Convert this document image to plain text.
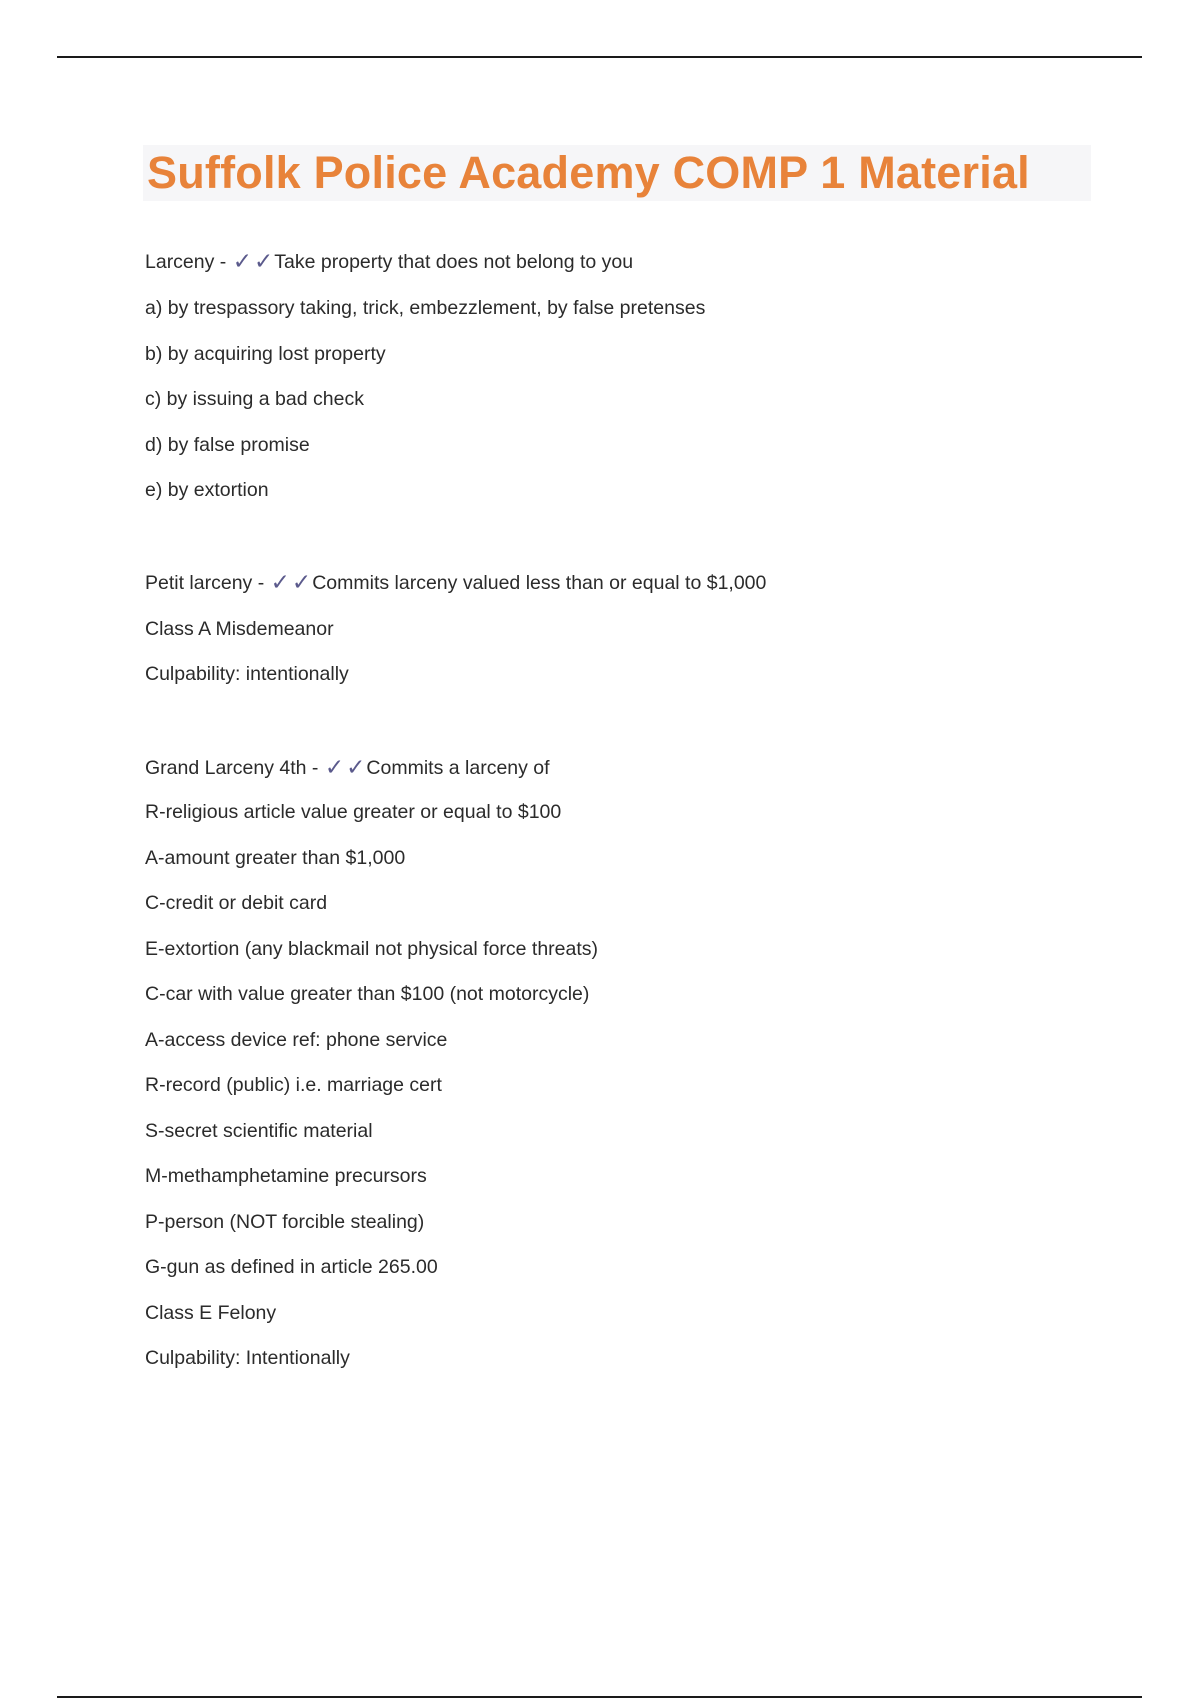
Suffolk Police Academy COMP 1 Material
Larceny - ✓✓Take property that does not belong to you
a) by trespassory taking, trick, embezzlement, by false pretenses
b) by acquiring lost property
c) by issuing a bad check
d) by false promise
e) by extortion
Petit larceny - ✓✓Commits larceny valued less than or equal to $1,000
Class A Misdemeanor
Culpability: intentionally
Grand Larceny 4th - ✓✓Commits a larceny of
R-religious article value greater or equal to $100
A-amount greater than $1,000
C-credit or debit card
E-extortion (any blackmail not physical force threats)
C-car with value greater than $100 (not motorcycle)
A-access device ref: phone service
R-record (public) i.e. marriage cert
S-secret scientific material
M-methamphetamine precursors
P-person (NOT forcible stealing)
G-gun as defined in article 265.00
Class E Felony
Culpability: Intentionally
